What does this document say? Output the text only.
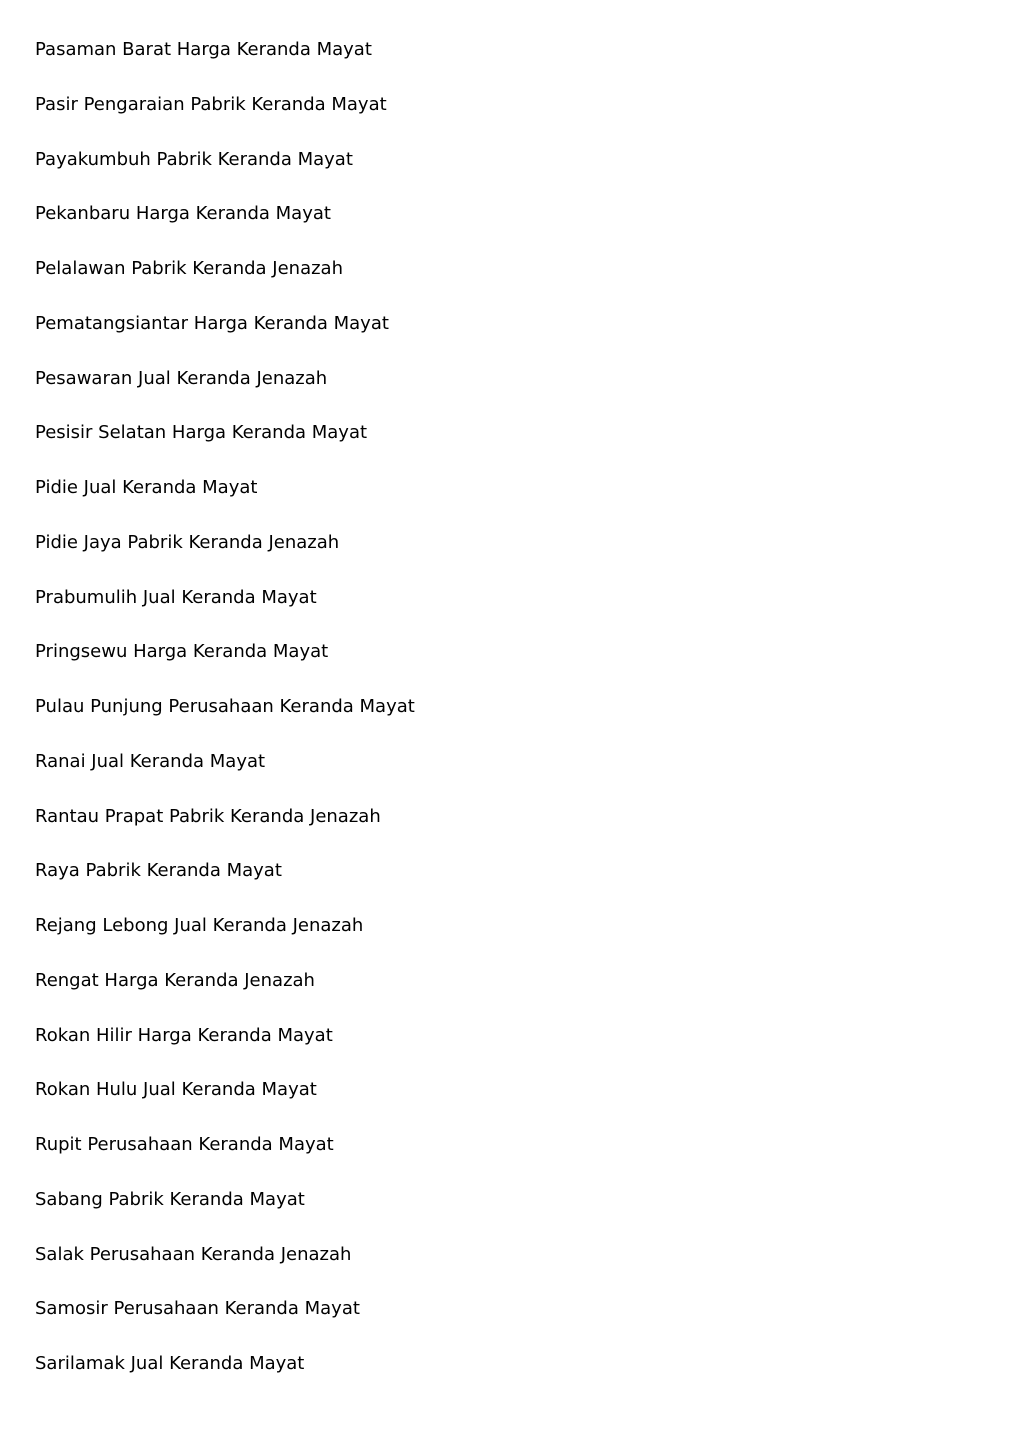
Pasaman Barat Harga Keranda Mayat
Pasir Pengaraian Pabrik Keranda Mayat
Payakumbuh Pabrik Keranda Mayat
Pekanbaru Harga Keranda Mayat
Pelalawan Pabrik Keranda Jenazah
Pematangsiantar Harga Keranda Mayat
Pesawaran Jual Keranda Jenazah
Pesisir Selatan Harga Keranda Mayat
Pidie Jual Keranda Mayat
Pidie Jaya Pabrik Keranda Jenazah
Prabumulih Jual Keranda Mayat
Pringsewu Harga Keranda Mayat
Pulau Punjung Perusahaan Keranda Mayat
Ranai Jual Keranda Mayat
Rantau Prapat Pabrik Keranda Jenazah
Raya Pabrik Keranda Mayat
Rejang Lebong Jual Keranda Jenazah
Rengat Harga Keranda Jenazah
Rokan Hilir Harga Keranda Mayat
Rokan Hulu Jual Keranda Mayat
Rupit Perusahaan Keranda Mayat
Sabang Pabrik Keranda Mayat
Salak Perusahaan Keranda Jenazah
Samosir Perusahaan Keranda Mayat
Sarilamak Jual Keranda Mayat
